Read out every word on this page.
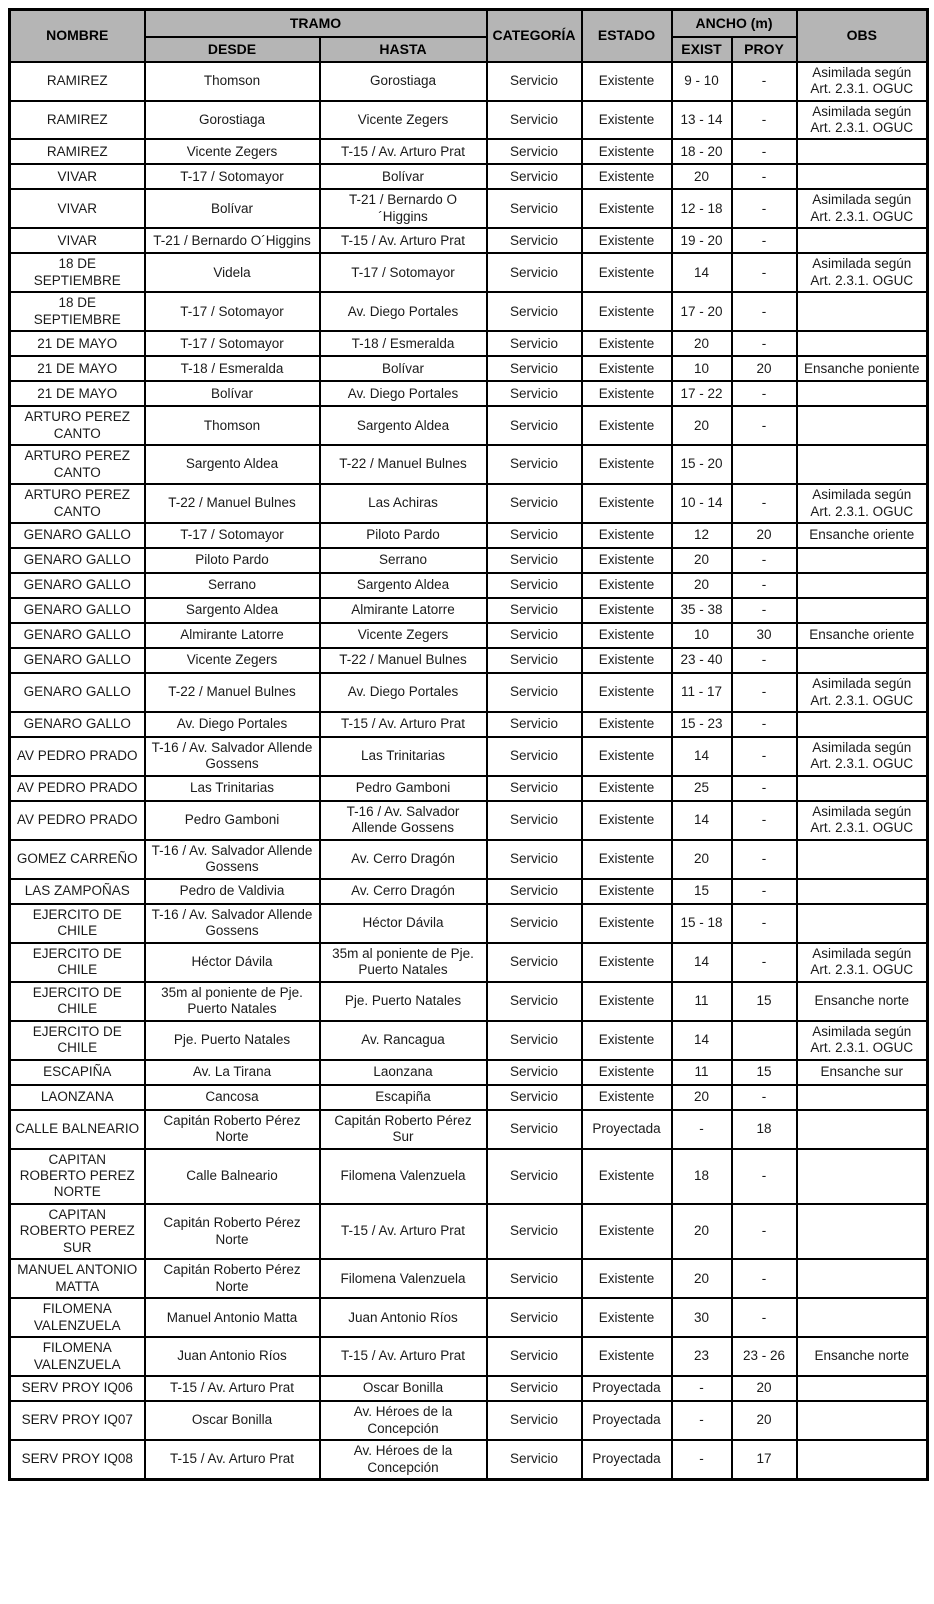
NOMBRE	TRAMO		CATEGORÍA	ESTADO	ANCHO (m)		OBS
	DESDE	HASTA			EXIST	PROY	
RAMIREZ	Thomson	Gorostiaga	Servicio	Existente	9 - 10	-	Asimilada según Art. 2.3.1. OGUC
RAMIREZ	Gorostiaga	Vicente Zegers	Servicio	Existente	13 - 14	-	Asimilada según Art. 2.3.1. OGUC
RAMIREZ	Vicente Zegers	T-15 / Av. Arturo Prat	Servicio	Existente	18 - 20	-	
VIVAR	T-17 / Sotomayor	Bolívar	Servicio	Existente	20	-	
VIVAR	Bolívar	T-21 / Bernardo O´Higgins	Servicio	Existente	12 - 18	-	Asimilada según Art. 2.3.1. OGUC
VIVAR	T-21 / Bernardo O´Higgins	T-15 / Av. Arturo Prat	Servicio	Existente	19 - 20	-	
18 DE SEPTIEMBRE	Videla	T-17 / Sotomayor	Servicio	Existente	14	-	Asimilada según Art. 2.3.1. OGUC
18 DE SEPTIEMBRE	T-17 / Sotomayor	Av. Diego Portales	Servicio	Existente	17 - 20	-	
21 DE MAYO	T-17 / Sotomayor	T-18 / Esmeralda	Servicio	Existente	20	-	
21 DE MAYO	T-18 / Esmeralda	Bolívar	Servicio	Existente	10	20	Ensanche poniente
21 DE MAYO	Bolívar	Av. Diego Portales	Servicio	Existente	17 - 22	-	
ARTURO PEREZ CANTO	Thomson	Sargento Aldea	Servicio	Existente	20	-	
ARTURO PEREZ CANTO	Sargento Aldea	T-22 / Manuel Bulnes	Servicio	Existente	15 - 20		
ARTURO PEREZ CANTO	T-22 / Manuel Bulnes	Las Achiras	Servicio	Existente	10 - 14	-	Asimilada según Art. 2.3.1. OGUC
GENARO GALLO	T-17 / Sotomayor	Piloto Pardo	Servicio	Existente	12	20	Ensanche oriente
GENARO GALLO	Piloto Pardo	Serrano	Servicio	Existente	20	-	
GENARO GALLO	Serrano	Sargento Aldea	Servicio	Existente	20	-	
GENARO GALLO	Sargento Aldea	Almirante Latorre	Servicio	Existente	35 - 38	-	
GENARO GALLO	Almirante Latorre	Vicente Zegers	Servicio	Existente	10	30	Ensanche oriente
GENARO GALLO	Vicente Zegers	T-22 / Manuel Bulnes	Servicio	Existente	23 - 40	-	
GENARO GALLO	T-22 / Manuel Bulnes	Av. Diego Portales	Servicio	Existente	11 - 17	-	Asimilada según Art. 2.3.1. OGUC
GENARO GALLO	Av. Diego Portales	T-15 / Av. Arturo Prat	Servicio	Existente	15 - 23	-	
AV PEDRO PRADO	T-16 / Av. Salvador Allende Gossens	Las Trinitarias	Servicio	Existente	14	-	Asimilada según Art. 2.3.1. OGUC
AV PEDRO PRADO	Las Trinitarias	Pedro Gamboni	Servicio	Existente	25	-	
AV PEDRO PRADO	Pedro Gamboni	T-16 / Av. Salvador Allende Gossens	Servicio	Existente	14	-	Asimilada según Art. 2.3.1. OGUC
GOMEZ CARREÑO	T-16 / Av. Salvador Allende Gossens	Av. Cerro Dragón	Servicio	Existente	20	-	
LAS ZAMPOÑAS	Pedro de Valdivia	Av. Cerro Dragón	Servicio	Existente	15	-	
EJERCITO DE CHILE	T-16 / Av. Salvador Allende Gossens	Héctor Dávila	Servicio	Existente	15 - 18	-	
EJERCITO DE CHILE	Héctor Dávila	35m al poniente de Pje. Puerto Natales	Servicio	Existente	14	-	Asimilada según Art. 2.3.1. OGUC
EJERCITO DE CHILE	35m al poniente de Pje. Puerto Natales	Pje. Puerto Natales	Servicio	Existente	11	15	Ensanche norte
EJERCITO DE CHILE	Pje. Puerto Natales	Av. Rancagua	Servicio	Existente	14		Asimilada según Art. 2.3.1. OGUC
ESCAPIÑA	Av. La Tirana	Laonzana	Servicio	Existente	11	15	Ensanche sur
LAONZANA	Cancosa	Escapiña	Servicio	Existente	20	-	
CALLE BALNEARIO	Capitán Roberto Pérez Norte	Capitán Roberto Pérez Sur	Servicio	Proyectada	-	18	
CAPITAN ROBERTO PEREZ NORTE	Calle Balneario	Filomena Valenzuela	Servicio	Existente	18	-	
CAPITAN ROBERTO PEREZ SUR	Capitán Roberto Pérez Norte	T-15 / Av. Arturo Prat	Servicio	Existente	20	-	
MANUEL ANTONIO MATTA	Capitán Roberto Pérez Norte	Filomena Valenzuela	Servicio	Existente	20	-	
FILOMENA VALENZUELA	Manuel Antonio Matta	Juan Antonio Ríos	Servicio	Existente	30	-	
FILOMENA VALENZUELA	Juan Antonio Ríos	T-15 / Av. Arturo Prat	Servicio	Existente	23	23 - 26	Ensanche norte
SERV PROY IQ06	T-15 / Av. Arturo Prat	Oscar Bonilla	Servicio	Proyectada	-	20	
SERV PROY IQ07	Oscar Bonilla	Av. Héroes de la Concepción	Servicio	Proyectada	-	20	
SERV PROY IQ08	T-15 / Av. Arturo Prat	Av. Héroes de la Concepción	Servicio	Proyectada	-	17	
